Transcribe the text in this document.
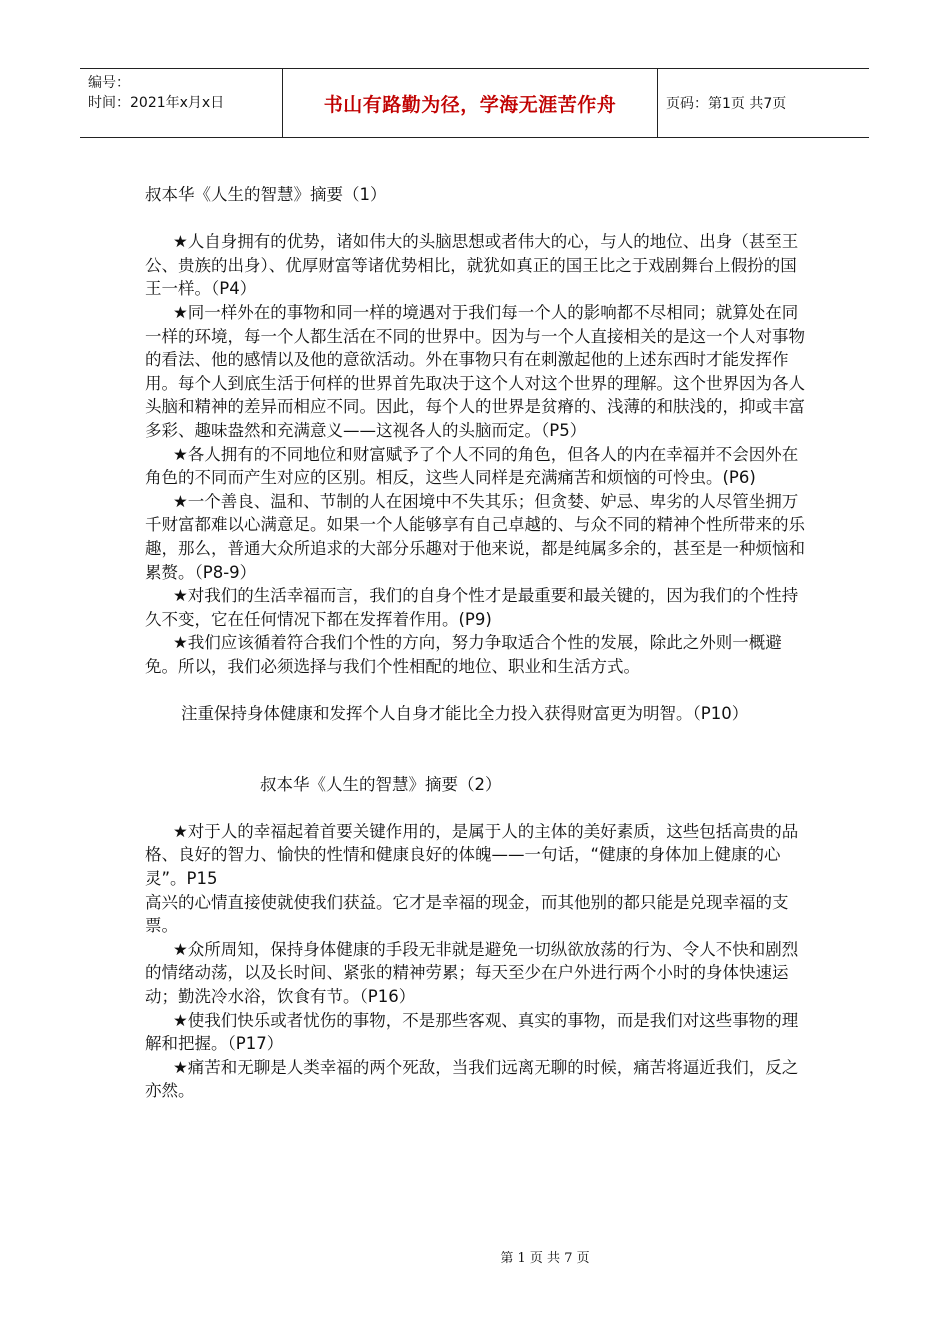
编号：
时间：2021年x月x日	书山有路勤为径，学海无涯苦作舟	页码：第1页 共7页

叔本华《人生的智慧》摘要（1）

★人自身拥有的优势，诸如伟大的头脑思想或者伟大的心，与人的地位、出身（甚至王公、贵族的出身）、优厚财富等诸优势相比，就犹如真正的国王比之于戏剧舞台上假扮的国王一样。（P4）

★同一样外在的事物和同一样的境遇对于我们每一个人的影响都不尽相同；就算处在同一样的环境，每一个人都生活在不同的世界中。因为与一个人直接相关的是这一个人对事物的看法、他的感情以及他的意欲活动。外在事物只有在刺激起他的上述东西时才能发挥作用。每个人到底生活于何样的世界首先取决于这个人对这个世界的理解。这个世界因为各人头脑和精神的差异而相应不同。因此，每个人的世界是贫瘠的、浅薄的和肤浅的，抑或丰富多彩、趣味盎然和充满意义——这视各人的头脑而定。（P5）

★各人拥有的不同地位和财富赋予了个人不同的角色，但各人的内在幸福并不会因外在角色的不同而产生对应的区别。相反，这些人同样是充满痛苦和烦恼的可怜虫。(P6)

★一个善良、温和、节制的人在困境中不失其乐；但贪婪、妒忌、卑劣的人尽管坐拥万千财富都难以心满意足。如果一个人能够享有自己卓越的、与众不同的精神个性所带来的乐趣，那么，普通大众所追求的大部分乐趣对于他来说，都是纯属多余的，甚至是一种烦恼和累赘。（P8-9）

★对我们的生活幸福而言，我们的自身个性才是最重要和最关键的，因为我们的个性持久不变，它在任何情况下都在发挥着作用。(P9)

★我们应该循着符合我们个性的方向，努力争取适合个性的发展，除此之外则一概避免。所以，我们必须选择与我们个性相配的地位、职业和生活方式。

注重保持身体健康和发挥个人自身才能比全力投入获得财富更为明智。（P10）

叔本华《人生的智慧》摘要（2）

★对于人的幸福起着首要关键作用的，是属于人的主体的美好素质，这些包括高贵的品格、良好的智力、愉快的性情和健康良好的体魄——一句话，“健康的身体加上健康的心灵”。P15

高兴的心情直接使就使我们获益。它才是幸福的现金，而其他别的都只能是兑现幸福的支票。

★众所周知，保持身体健康的手段无非就是避免一切纵欲放荡的行为、令人不快和剧烈的情绪动荡，以及长时间、紧张的精神劳累；每天至少在户外进行两个小时的身体快速运动；勤洗冷水浴，饮食有节。（P16）

★使我们快乐或者忧伤的事物，不是那些客观、真实的事物，而是我们对这些事物的理解和把握。（P17）

★痛苦和无聊是人类幸福的两个死敌，当我们远离无聊的时候，痛苦将逼近我们，反之亦然。

第 1 页 共 7 页
